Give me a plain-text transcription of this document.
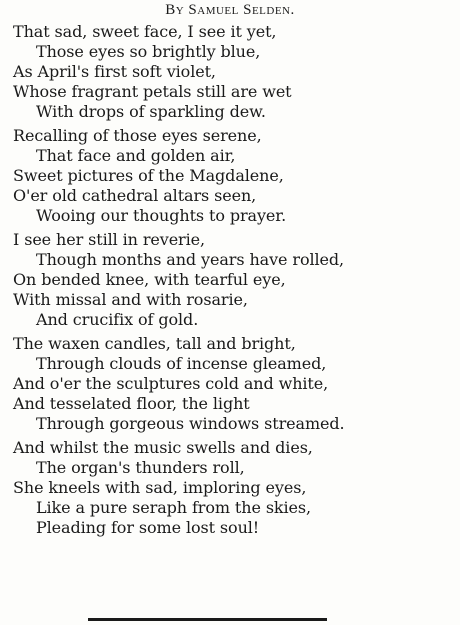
By Samuel Selden.
That sad, sweet face, I see it yet,
Those eyes so brightly blue,
As April's first soft violet,
Whose fragrant petals still are wet
With drops of sparkling dew.
Recalling of those eyes serene,
That face and golden air,
Sweet pictures of the Magdalene,
O'er old cathedral altars seen,
Wooing our thoughts to prayer.
I see her still in reverie,
Though months and years have rolled,
On bended knee, with tearful eye,
With missal and with rosarie,
And crucifix of gold.
The waxen candles, tall and bright,
Through clouds of incense gleamed,
And o'er the sculptures cold and white,
And tesselated floor, the light
Through gorgeous windows streamed.
And whilst the music swells and dies,
The organ's thunders roll,
She kneels with sad, imploring eyes,
Like a pure seraph from the skies,
Pleading for some lost soul!
